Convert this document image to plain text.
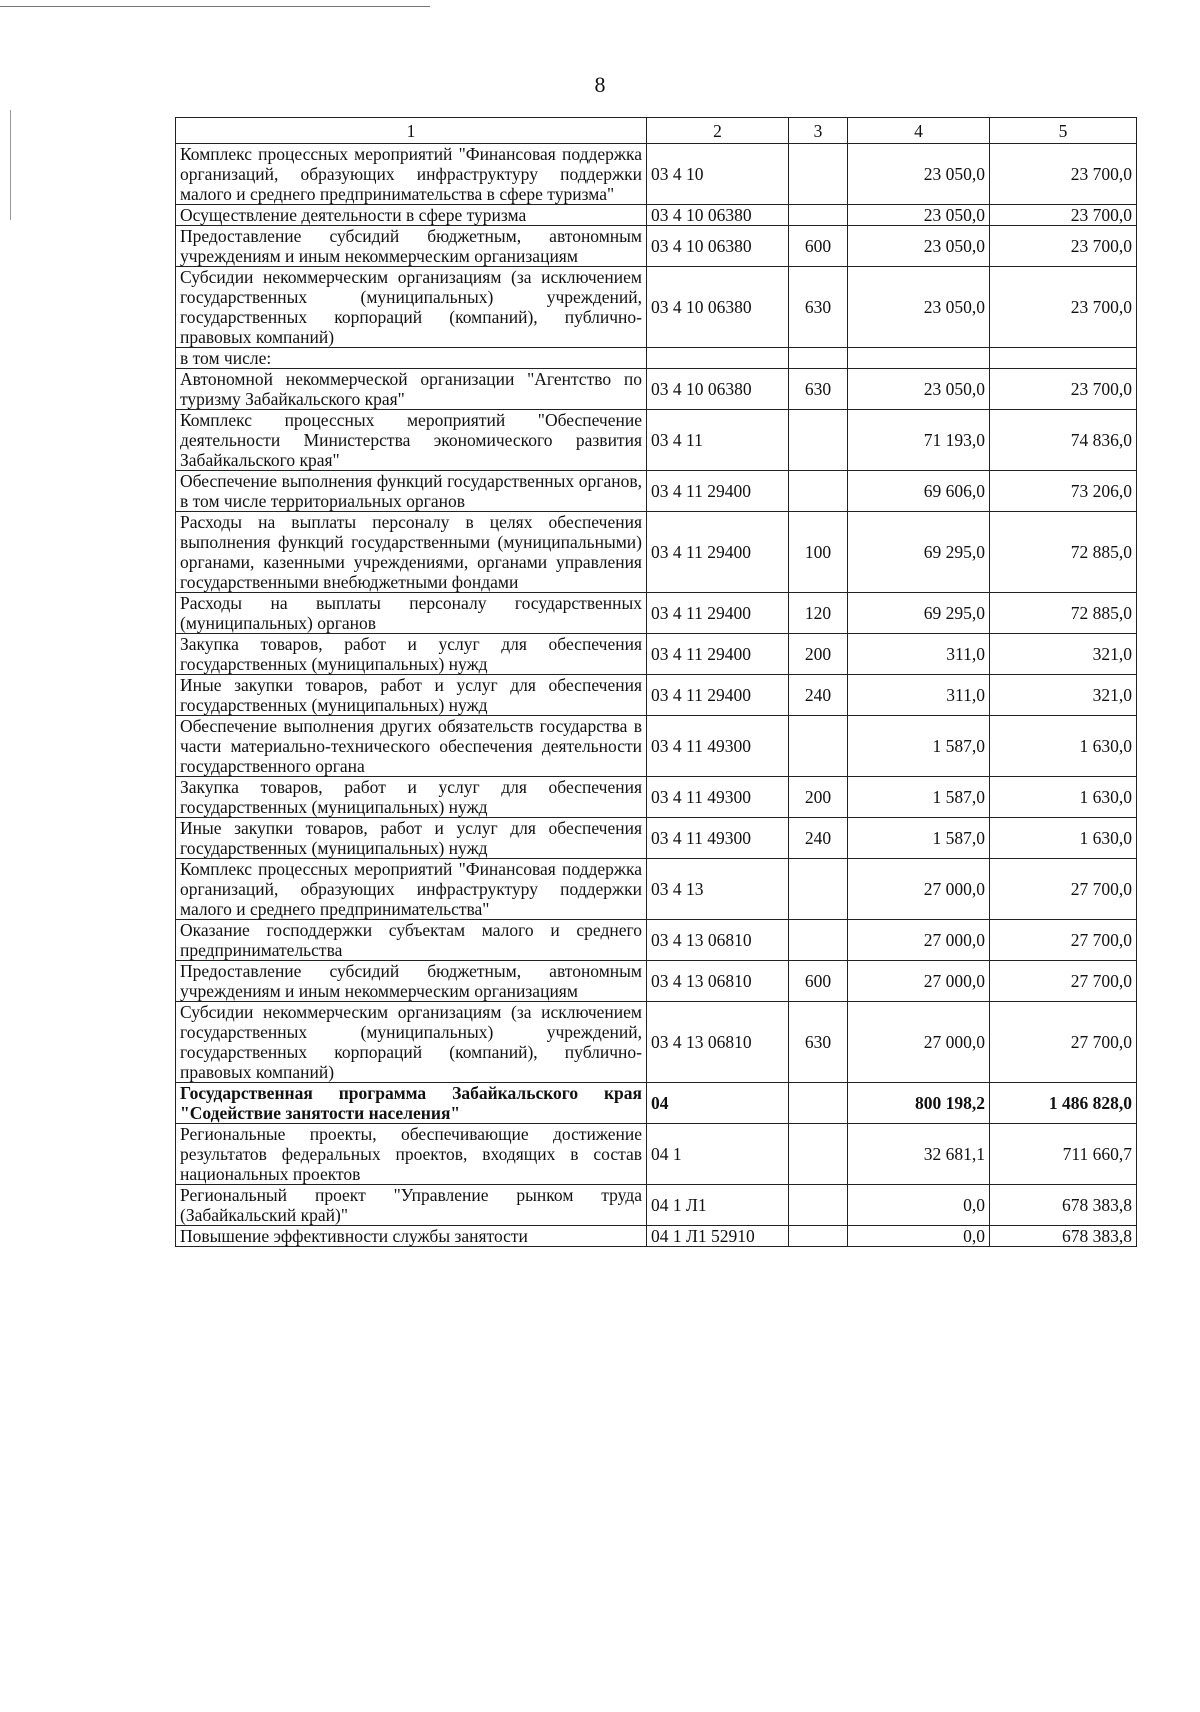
8
1	2	3	4	5
Комплекс процессных мероприятий "Финансовая поддержка организаций, образующих инфраструктуру поддержки малого и среднего предпринимательства в сфере туризма"	03 4 10		23 050,0	23 700,0
Осуществление деятельности в сфере туризма	03 4 10 06380		23 050,0	23 700,0
Предоставление субсидий бюджетным, автономным учреждениям и иным некоммерческим организациям	03 4 10 06380	600	23 050,0	23 700,0
Субсидии некоммерческим организациям (за исключением государственных (муниципальных) учреждений, государственных корпораций (компаний), публично-правовых компаний)	03 4 10 06380	630	23 050,0	23 700,0
в том числе:				
Автономной некоммерческой организации "Агентство по туризму Забайкальского края"	03 4 10 06380	630	23 050,0	23 700,0
Комплекс процессных мероприятий "Обеспечение деятельности Министерства экономического развития Забайкальского края"	03 4 11		71 193,0	74 836,0
Обеспечение выполнения функций государственных органов, в том числе территориальных органов	03 4 11 29400		69 606,0	73 206,0
Расходы на выплаты персоналу в целях обеспечения выполнения функций государственными (муниципальными) органами, казенными учреждениями, органами управления государственными внебюджетными фондами	03 4 11 29400	100	69 295,0	72 885,0
Расходы на выплаты персоналу государственных (муниципальных) органов	03 4 11 29400	120	69 295,0	72 885,0
Закупка товаров, работ и услуг для обеспечения государственных (муниципальных) нужд	03 4 11 29400	200	311,0	321,0
Иные закупки товаров, работ и услуг для обеспечения государственных (муниципальных) нужд	03 4 11 29400	240	311,0	321,0
Обеспечение выполнения других обязательств государства в части материально-технического обеспечения деятельности государственного органа	03 4 11 49300		1 587,0	1 630,0
Закупка товаров, работ и услуг для обеспечения государственных (муниципальных) нужд	03 4 11 49300	200	1 587,0	1 630,0
Иные закупки товаров, работ и услуг для обеспечения государственных (муниципальных) нужд	03 4 11 49300	240	1 587,0	1 630,0
Комплекс процессных мероприятий "Финансовая поддержка организаций, образующих инфраструктуру поддержки малого и среднего предпринимательства"	03 4 13		27 000,0	27 700,0
Оказание господдержки субъектам малого и среднего предпринимательства	03 4 13 06810		27 000,0	27 700,0
Предоставление субсидий бюджетным, автономным учреждениям и иным некоммерческим организациям	03 4 13 06810	600	27 000,0	27 700,0
Субсидии некоммерческим организациям (за исключением государственных (муниципальных) учреждений, государственных корпораций (компаний), публично-правовых компаний)	03 4 13 06810	630	27 000,0	27 700,0
Государственная программа Забайкальского края "Содействие занятости населения"	04		800 198,2	1 486 828,0
Региональные проекты, обеспечивающие достижение результатов федеральных проектов, входящих в состав национальных проектов	04 1		32 681,1	711 660,7
Региональный проект "Управление рынком труда (Забайкальский край)"	04 1 Л1		0,0	678 383,8
Повышение эффективности службы занятости	04 1 Л1 52910		0,0	678 383,8
